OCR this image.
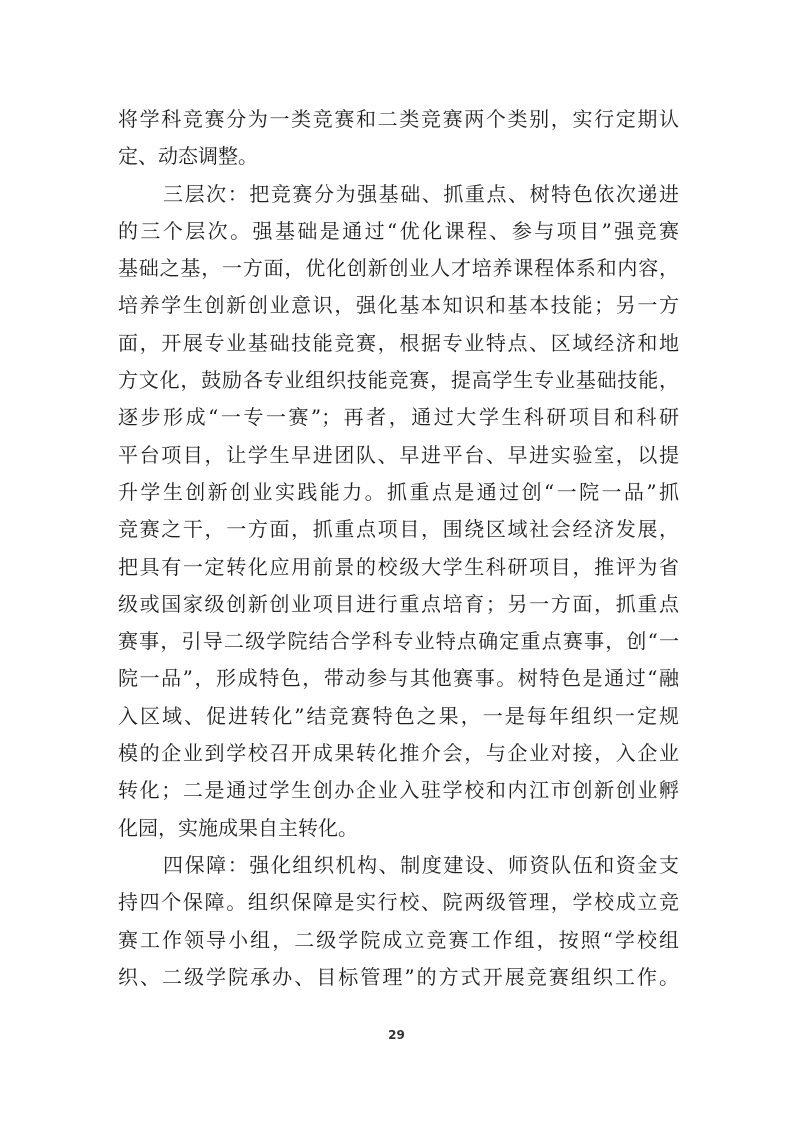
将学科竞赛分为一类竞赛和二类竞赛两个类别，实行定期认
定、动态调整。
三层次：把竞赛分为强基础、抓重点、树特色依次递进
的三个层次。强基础是通过“优化课程、参与项目”强竞赛
基础之基，一方面，优化创新创业人才培养课程体系和内容，
培养学生创新创业意识，强化基本知识和基本技能；另一方
面，开展专业基础技能竞赛，根据专业特点、区域经济和地
方文化，鼓励各专业组织技能竞赛，提高学生专业基础技能，
逐步形成“一专一赛”；再者，通过大学生科研项目和科研
平台项目，让学生早进团队、早进平台、早进实验室，以提
升学生创新创业实践能力。抓重点是通过创“一院一品”抓
竞赛之干，一方面，抓重点项目，围绕区域社会经济发展，
把具有一定转化应用前景的校级大学生科研项目，推评为省
级或国家级创新创业项目进行重点培育；另一方面，抓重点
赛事，引导二级学院结合学科专业特点确定重点赛事，创“一
院一品”，形成特色，带动参与其他赛事。树特色是通过“融
入区域、促进转化”结竞赛特色之果，一是每年组织一定规
模的企业到学校召开成果转化推介会，与企业对接，入企业
转化；二是通过学生创办企业入驻学校和内江市创新创业孵
化园，实施成果自主转化。
四保障：强化组织机构、制度建设、师资队伍和资金支
持四个保障。组织保障是实行校、院两级管理，学校成立竞
赛工作领导小组，二级学院成立竞赛工作组，按照“学校组
织、二级学院承办、目标管理”的方式开展竞赛组织工作。
29
